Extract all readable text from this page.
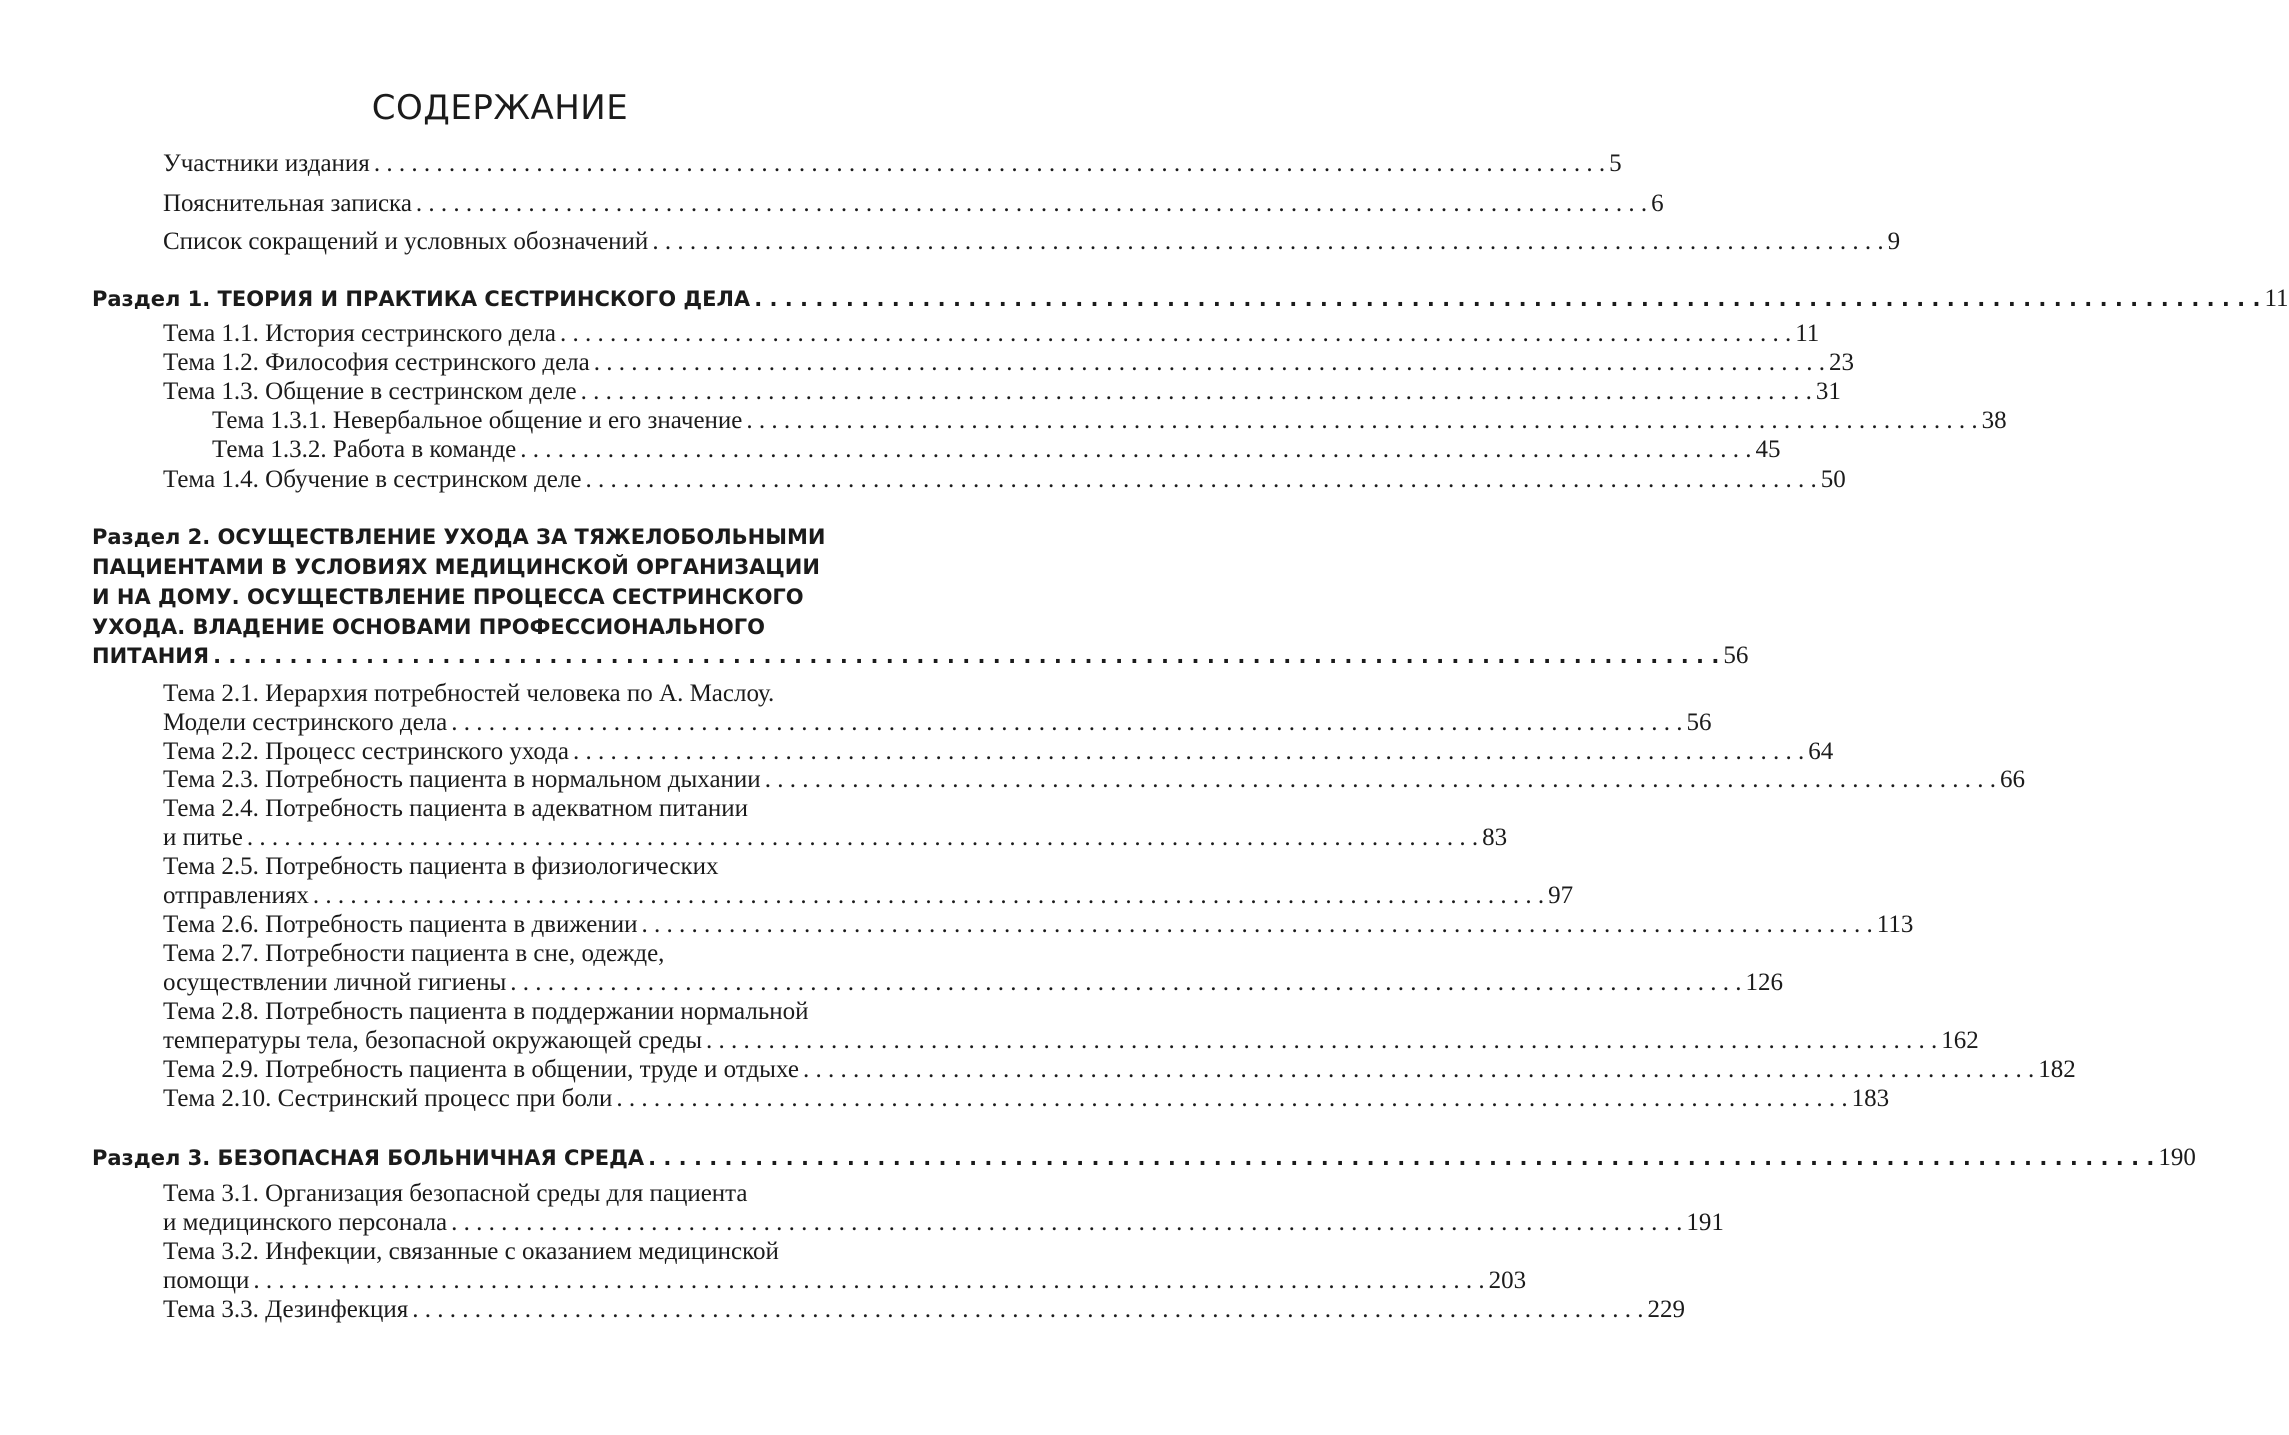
СОДЕРЖАНИЕ
Участники издания . . .	5
Пояснительная записка . . .	6
Список сокращений и условных обозначений . . .	9
Раздел 1. ТЕОРИЯ И ПРАКТИКА СЕСТРИНСКОГО ДЕЛА . . .	11
Тема 1.1. История сестринского дела . . .	11
Тема 1.2. Философия сестринского дела . . .	23
Тема 1.3. Общение в сестринском деле . . .	31
Тема 1.3.1. Невербальное общение и его значение . . .	38
Тема 1.3.2. Работа в команде . . .	45
Тема 1.4. Обучение в сестринском деле . . .	50
Раздел 2. ОСУЩЕСТВЛЕНИЕ УХОДА ЗА ТЯЖЕЛОБОЛЬНЫМИ
ПАЦИЕНТАМИ В УСЛОВИЯХ МЕДИЦИНСКОЙ ОРГАНИЗАЦИИ
И НА ДОМУ. ОСУЩЕСТВЛЕНИЕ ПРОЦЕССА СЕСТРИНСКОГО
УХОДА. ВЛАДЕНИЕ ОСНОВАМИ ПРОФЕССИОНАЛЬНОГО
ПИТАНИЯ . . .	56
Тема 2.1. Иерархия потребностей человека по А. Маслоу.
Модели сестринского дела . . .	56
Тема 2.2. Процесс сестринского ухода . . .	64
Тема 2.3. Потребность пациента в нормальном дыхании . . .	66
Тема 2.4. Потребность пациента в адекватном питании
и питье . . .	83
Тема 2.5. Потребность пациента в физиологических
отправлениях . . .	97
Тема 2.6. Потребность пациента в движении . . .	113
Тема 2.7. Потребности пациента в сне, одежде,
осуществлении личной гигиены . . .	126
Тема 2.8. Потребность пациента в поддержании нормальной
температуры тела, безопасной окружающей среды . . .	162
Тема 2.9. Потребность пациента в общении, труде и отдыхе . . .	182
Тема 2.10. Сестринский процесс при боли . . .	183
Раздел 3. БЕЗОПАСНАЯ БОЛЬНИЧНАЯ СРЕДА . . .	190
Тема 3.1. Организация безопасной среды для пациента
и медицинского персонала . . .	191
Тема 3.2. Инфекции, связанные с оказанием медицинской
помощи . . .	203
Тема 3.3. Дезинфекция . . .	229
